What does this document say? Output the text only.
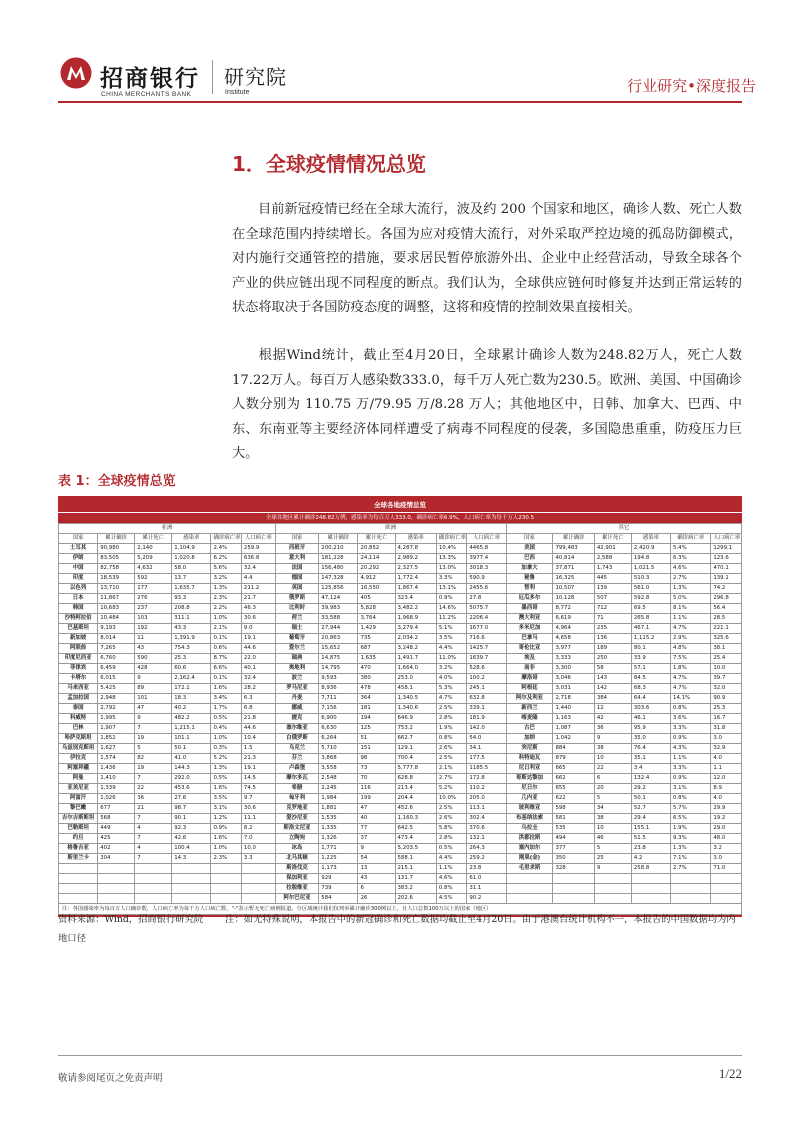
招商银行
CHINA MERCHANTS BANK
研究院
Institute	行业研究•深度报告
1．全球疫情情况总览

目前新冠疫情已经在全球大流行，波及约 200 个国家和地区，确诊人数、死亡人数在全球范围内持续增长。各国为应对疫情大流行，对外采取严控边境的孤岛防御模式，对内施行交通管控的措施，要求居民暂停旅游外出、企业中止经营活动，导致全球各个产业的供应链出现不同程度的断点。我们认为，全球供应链何时修复并达到正常运转的状态将取决于各国防疫态度的调整，这将和疫情的控制效果直接相关。

根据Wind统计，截止至4月20日，全球累计确诊人数为248.82万人，死亡人数17.22万人。每百万人感染数333.0，每千万人死亡数为230.5。欧洲、美国、中国确诊人数分别为 110.75 万/79.95 万/8.28 万人；其他地区中，日韩、加拿大、巴西、中东、东南亚等主要经济体同样遭受了病毒不同程度的侵袭，多国隐患重重，防疫压力巨大。

表 1：全球疫情总览
全球各地疫情总览
全球各地区累计确诊248.82万例，感染率为每百万人333.0，确诊病亡率6.9%，人口病亡率为每千万人230.5
亚洲						欧洲						其它					
国家	累计确诊	累计死亡	感染率	确诊病亡率	人口病亡率	国家	累计确诊	累计死亡	感染率	确诊病亡率	人口病亡率	国家	累计确诊	累计死亡	感染率	确诊病亡率	人口病亡率
土耳其	90,980	2,140	1,104.9	2.4%	259.9	西班牙	200,210	20,852	4,287.8	10.4%	4465.8	美国	799,483	42,901	2,420.9	5.4%	1299.1
伊朗	83,505	5,209	1,020.8	6.2%	636.8	意大利	181,228	24,114	2,989.2	13.3%	3977.4	巴西	40,814	2,588	194.8	6.3%	123.6
中国	82,758	4,632	58.0	5.6%	32.4	法国	156,480	20,292	2,327.5	13.0%	3018.3	加拿大	37,871	1,743	1,021.5	4.6%	470.1
印度	18,539	592	13.7	3.2%	4.4	德国	147,328	4,912	1,772.4	3.3%	590.9	秘鲁	16,325	445	510.3	2.7%	139.1
以色列	13,710	177	1,635.7	1.3%	211.2	英国	125,856	16,550	1,867.4	13.1%	2455.6	智利	10,507	139	561.0	1.3%	74.2
日本	11,867	276	93.3	2.3%	21.7	俄罗斯	47,124	405	323.4	0.9%	27.8	厄瓜多尔	10,128	507	592.8	5.0%	296.8
韩国	10,683	237	208.8	2.2%	46.3	比利时	39,983	5,828	3,482.2	14.6%	5075.7	墨西哥	8,772	712	69.5	8.1%	56.4
沙特阿拉伯	10,484	103	311.1	1.0%	30.6	荷兰	33,588	3,764	1,968.9	11.2%	2206.4	澳大利亚	6,619	71	265.8	1.1%	28.5
巴基斯坦	9,193	192	43.3	2.1%	9.0	瑞士	27,944	1,429	3,279.4	5.1%	1677.0	多米尼加	4,964	235	467.1	4.7%	221.1
新加坡	8,014	11	1,391.9	0.1%	19.1	葡萄牙	20,863	735	2,034.2	3.5%	716.6	巴拿马	4,658	136	1,115.2	2.9%	325.6
阿联酋	7,265	43	754.3	0.6%	44.6	爱尔兰	15,652	687	3,248.2	4.4%	1425.7	哥伦比亚	3,977	189	80.1	4.8%	38.1
印度尼西亚	6,760	590	25.3	8.7%	22.0	瑞典	14,875	1,635	1,491.7	11.0%	1639.7	埃及	3,333	250	33.9	7.5%	25.4
菲律宾	6,459	428	60.6	6.6%	40.1	奥地利	14,795	470	1,664.0	3.2%	528.6	南非	3,300	58	57.1	1.8%	10.0
卡塔尔	6,015	9	2,162.4	0.1%	32.4	波兰	9,593	380	253.0	4.0%	100.2	摩洛哥	3,046	143	84.5	4.7%	39.7
马来西亚	5,425	89	172.1	1.6%	28.2	罗马尼亚	8,936	478	458.1	5.3%	245.1	阿根廷	3,031	142	68.3	4.7%	32.0
孟加拉国	2,948	101	18.3	3.4%	6.3	丹麦	7,711	364	1,340.5	4.7%	632.8	阿尔及利亚	2,718	384	64.4	14.1%	90.9
泰国	2,792	47	40.2	1.7%	6.8	挪威	7,156	181	1,340.6	2.5%	339.1	新西兰	1,440	12	303.6	0.8%	25.3
科威特	1,995	9	482.2	0.5%	21.8	捷克	6,900	194	646.9	2.8%	181.9	喀麦隆	1,163	42	46.1	3.6%	16.7
巴林	1,907	7	1,215.1	0.4%	44.6	塞尔维亚	6,630	125	753.2	1.9%	142.0	古巴	1,087	36	95.9	3.3%	31.8
哈萨克斯坦	1,852	19	101.1	1.0%	10.4	白俄罗斯	6,264	51	662.7	0.8%	54.0	加纳	1,042	9	35.0	0.9%	3.0
乌兹别克斯坦	1,627	5	50.1	0.3%	1.5	乌克兰	5,710	151	129.1	2.6%	34.1	突尼斯	884	38	76.4	4.3%	32.9
伊拉克	1,574	82	41.0	5.2%	21.3	芬兰	3,868	98	700.4	2.5%	177.5	科特迪瓦	879	10	35.1	1.1%	4.0
阿塞拜疆	1,436	19	144.3	1.3%	19.1	卢森堡	3,558	73	5,777.8	2.1%	1185.5	尼日利亚	665	22	3.4	3.3%	1.1
阿曼	1,410	7	292.0	0.5%	14.5	摩尔多瓦	2,548	70	628.8	2.7%	172.8	哥斯达黎加	662	6	132.4	0.9%	12.0
亚美尼亚	1,339	22	453.6	1.6%	74.5	希腊	2,245	116	213.4	5.2%	110.2	尼日尔	655	20	29.2	3.1%	8.9
阿富汗	1,026	36	27.6	3.5%	9.7	匈牙利	1,984	199	204.4	10.0%	205.0	几内亚	622	5	50.1	0.8%	4.0
黎巴嫩	677	21	98.7	3.1%	30.6	克罗地亚	1,881	47	452.6	2.5%	113.1	玻利维亚	598	34	52.7	5.7%	29.9
吉尔吉斯斯坦	568	7	90.1	1.2%	11.1	爱沙尼亚	1,535	40	1,160.3	2.6%	302.4	布基纳法索	581	38	29.4	6.5%	19.2
巴勒斯坦	449	4	92.3	0.9%	8.2	斯洛文尼亚	1,335	77	642.5	5.8%	370.6	乌拉圭	535	10	155.1	1.9%	29.0
约旦	425	7	42.6	1.6%	7.0	立陶宛	1,326	37	473.4	2.8%	132.1	洪都拉斯	494	46	51.5	9.3%	48.0
格鲁吉亚	402	4	100.4	1.0%	10.0	冰岛	1,771	9	5,203.5	0.5%	264.3	塞内加尔	377	5	23.8	1.3%	3.2
斯里兰卡	304	7	14.3	2.3%	3.3	北马其顿	1,225	54	588.1	4.4%	259.2	刚果(金)	350	25	4.2	7.1%	3.0
						斯洛伐克	1,173	13	215.1	1.1%	23.8	毛里求斯	328	9	258.8	2.7%	71.0
						保加利亚	929	43	131.7	4.6%	61.0						
						拉脱维亚	739	6	383.2	0.8%	31.1						
						阿尔巴尼亚	584	26	202.6	4.5%	90.2						
注：各国感染率为每百万人口确诊数，人口病亡率为每千万人口病亡数，"-"表示暂无死亡病例报道。分区域统计我们仅列举累计确诊300例以上，且人口总数100万以上的国家（地区）
资料来源：Wind，招商银行研究院 注：如无特殊说明，本报告中的新冠确诊和死亡数据均截止至4月20日。由于港澳台统计机构不一，本报告的中国数据均为内地口径
敬请参阅尾页之免责声明	1/22
